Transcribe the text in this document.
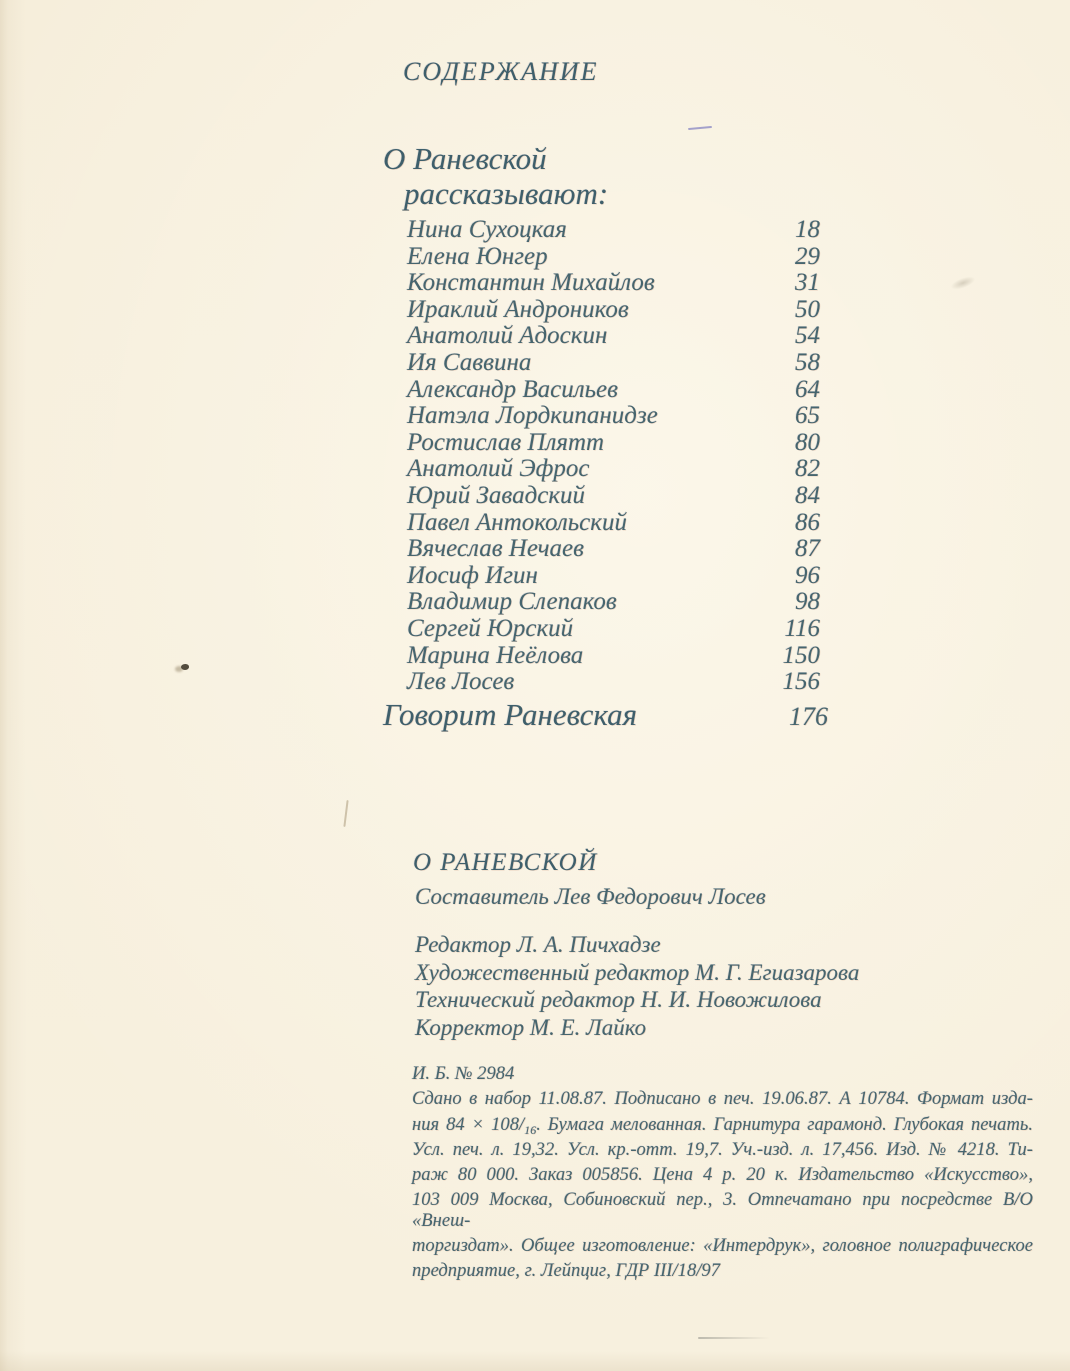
СОДЕРЖАНИЕ
О Раневской
рассказывают:
Нина Сухоцкая	18
Елена Юнгер	29
Константин Михайлов	31
Ираклий Андроников	50
Анатолий Адоскин	54
Ия Саввина	58
Александр Васильев	64
Натэла Лордкипанидзе	65
Ростислав Плятт	80
Анатолий Эфрос	82
Юрий Завадский	84
Павел Антокольский	86
Вячеслав Нечаев	87
Иосиф Игин	96
Владимир Слепаков	98
Сергей Юрский	116
Марина Неёлова	150
Лев Лосев	156
Говорит Раневская	176
О РАНЕВСКОЙ
Составитель Лев Федорович Лосев
Редактор Л. А. Пичхадзе
Художественный редактор М. Г. Егиазарова
Технический редактор Н. И. Новожилова
Корректор М. Е. Лайко
И. Б. № 2984
Сдано в набор 11.08.87. Подписано в печ. 19.06.87. А 10784. Формат изда-
ния $84 \times 108/_{16}$. Бумага мелованная. Гарнитура гарамонд. Глубокая печать.
Усл. печ. л. 19,32. Усл. кр.-отт. 19,7. Уч.-изд. л. 17,456. Изд. № 4218. Ти-
раж 80 000. Заказ 005856. Цена 4 р. 20 к. Издательство «Искусство»,
103 009 Москва, Собиновский пер., 3. Отпечатано при посредстве В/О «Внеш-
торгиздат». Общее изготовление: «Интердрук», головное полиграфическое
предприятие, г. Лейпциг, ГДР III/18/97
